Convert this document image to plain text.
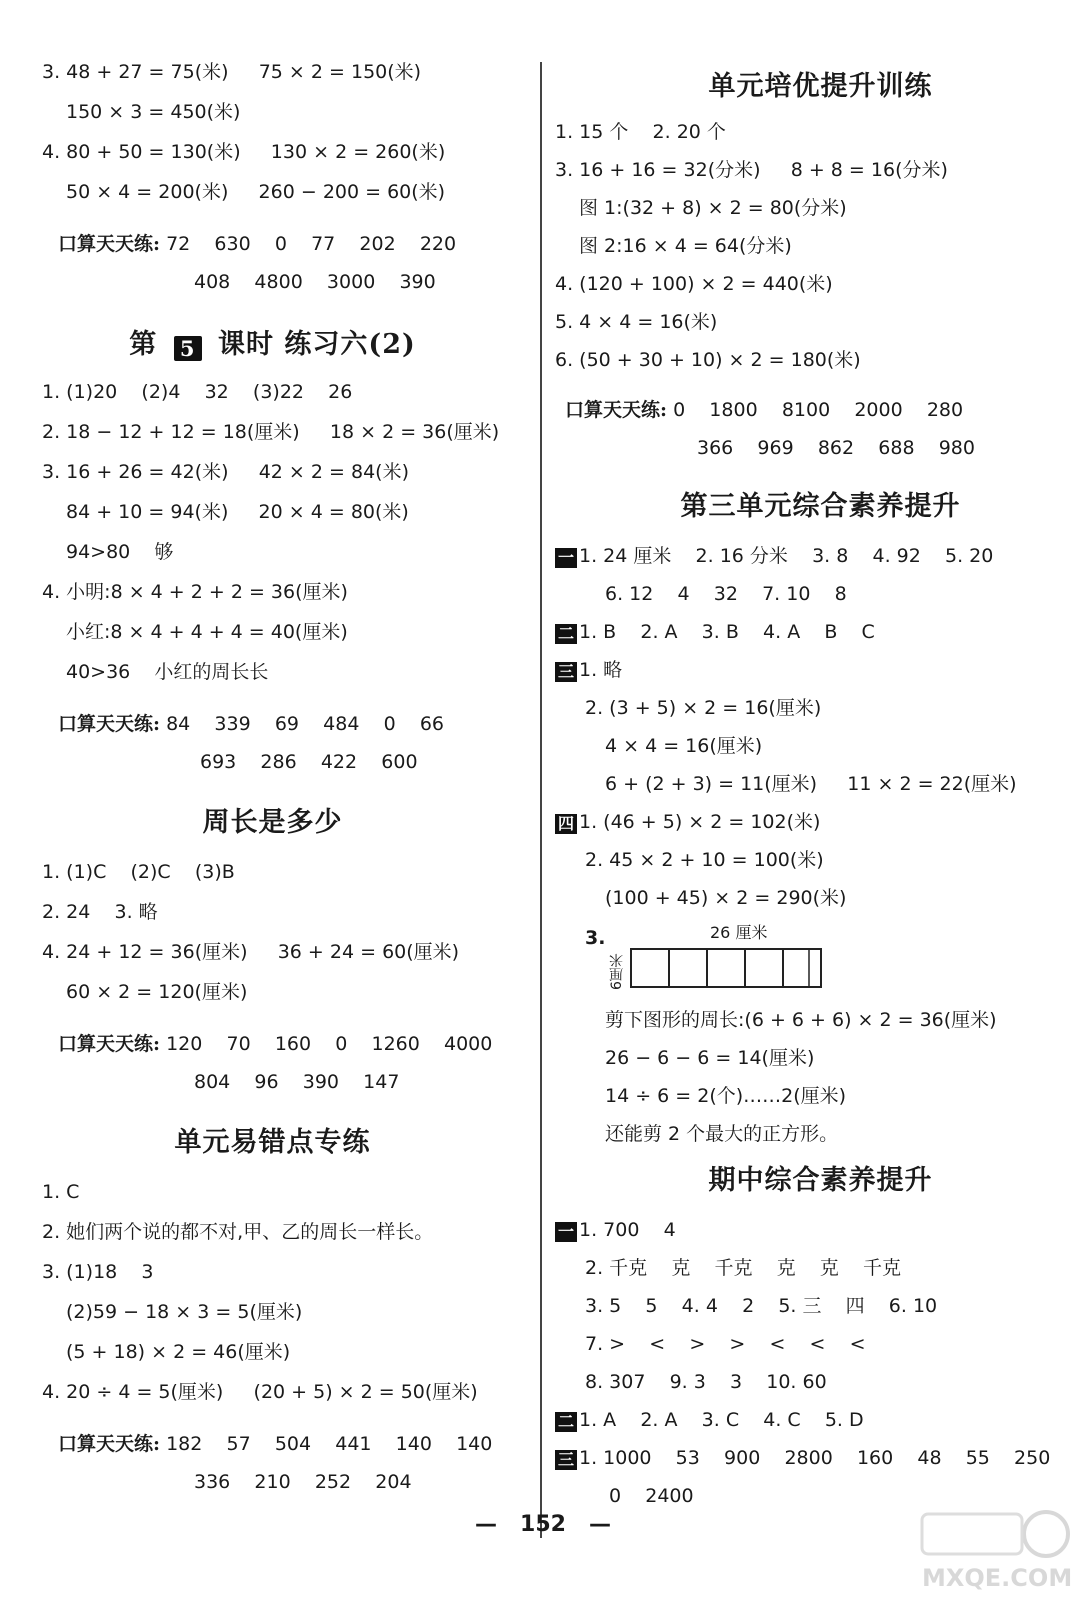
3. 48 + 27 = 75(米)     75 × 2 = 150(米)
150 × 3 = 450(米)
4. 80 + 50 = 130(米)     130 × 2 = 260(米)
50 × 4 = 200(米)     260 − 200 = 60(米)
口算天天练: 72    630    0    77    202    220
408    4800    3000    390
第 5 课时 练习六(2)
1. (1)20    (2)4    32    (3)22    26
2. 18 − 12 + 12 = 18(厘米)     18 × 2 = 36(厘米)
3. 16 + 26 = 42(米)     42 × 2 = 84(米)
84 + 10 = 94(米)     20 × 4 = 80(米)
94>80    够
4. 小明:8 × 4 + 2 + 2 = 36(厘米)
小红:8 × 4 + 4 + 4 = 40(厘米)
40>36    小红的周长长
口算天天练: 84    339    69    484    0    66
693    286    422    600
周长是多少
1. (1)C    (2)C    (3)B
2. 24    3. 略
4. 24 + 12 = 36(厘米)     36 + 24 = 60(厘米)
60 × 2 = 120(厘米)
口算天天练: 120    70    160    0    1260    4000
804    96    390    147
单元易错点专练
1. C
2. 她们两个说的都不对,甲、乙的周长一样长。
3. (1)18    3
(2)59 − 18 × 3 = 5(厘米)
(5 + 18) × 2 = 46(厘米)
4. 20 ÷ 4 = 5(厘米)     (20 + 5) × 2 = 50(厘米)
口算天天练: 182    57    504    441    140    140
336    210    252    204
单元培优提升训练
1. 15 个    2. 20 个
3. 16 + 16 = 32(分米)     8 + 8 = 16(分米)
图 1:(32 + 8) × 2 = 80(分米)
图 2:16 × 4 = 64(分米)
4. (120 + 100) × 2 = 440(米)
5. 4 × 4 = 16(米)
6. (50 + 30 + 10) × 2 = 180(米)
口算天天练: 0    1800    8100    2000    280
366    969    862    688    980
第三单元综合素养提升
一 1. 24 厘米    2. 16 分米    3. 8    4. 92    5. 20
6. 12    4    32    7. 10    8
二 1. B    2. A    3. B    4. A    B    C
三 1. 略
2. (3 + 5) × 2 = 16(厘米)
4 × 4 = 16(厘米)
6 + (2 + 3) = 11(厘米)     11 × 2 = 22(厘米)
四 1. (46 + 5) × 2 = 102(米)
2. 45 × 2 + 10 = 100(米)
(100 + 45) × 2 = 290(米)
3.	26 厘米
6厘米
剪下图形的周长:(6 + 6 + 6) × 2 = 36(厘米)
26 − 6 − 6 = 14(厘米)
14 ÷ 6 = 2(个)……2(厘米)
还能剪 2 个最大的正方形。
期中综合素养提升
一 1. 700    4
2. 千克    克    千克    克    克    千克
3. 5    5    4. 4    2    5. 三    四    6. 10
7. >    <    >    >    <    <    <
8. 307    9. 3    3    10. 60
二 1. A    2. A    3. C    4. C    5. D
三 1. 1000    53    900    2800    160    48    55    250
0    2400
—   152   —
MXQE.COM
